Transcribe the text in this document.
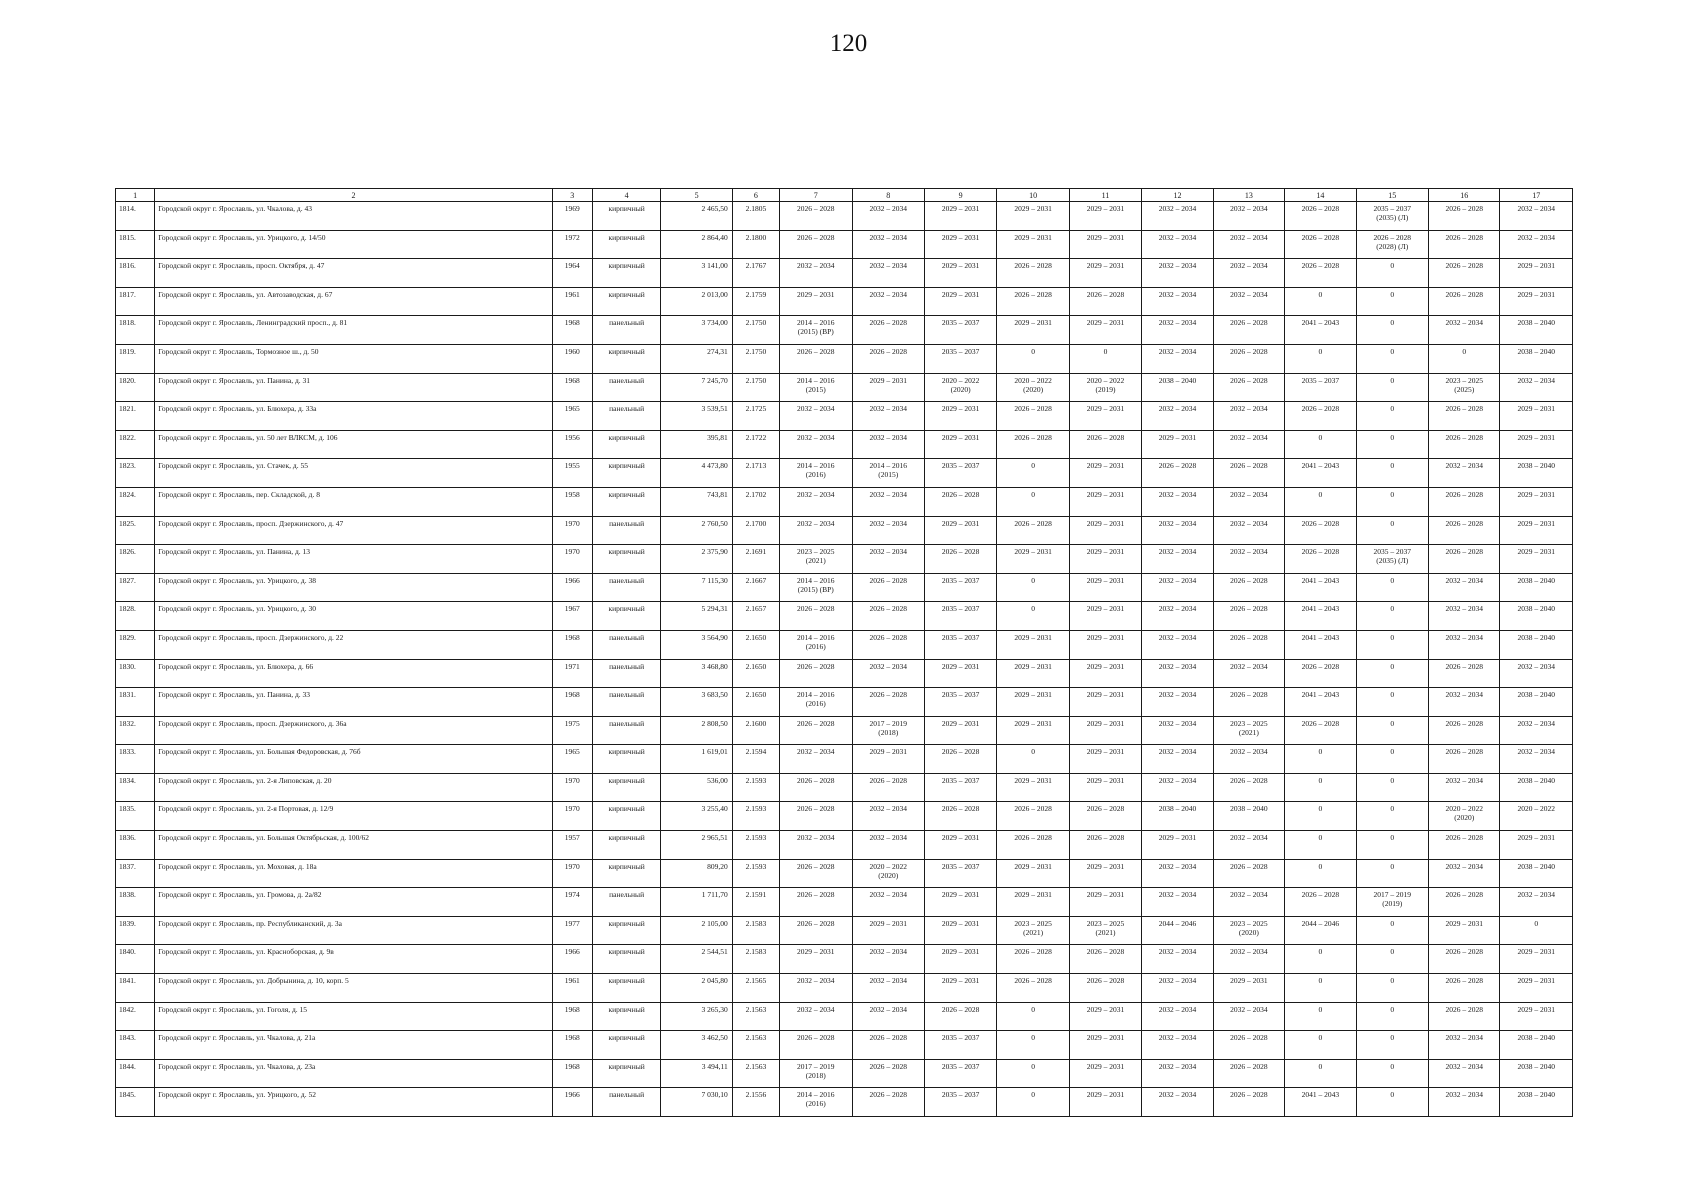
120
1	2	3	4	5	6	7	8	9	10	11	12	13	14	15	16	17
1814.	Городской округ г. Ярославль, ул. Чкалова, д. 43	1969	кирпичный	2 465,50	2.1805	2026 – 2028	2032 – 2034	2029 – 2031	2029 – 2031	2029 – 2031	2032 – 2034	2032 – 2034	2026 – 2028	2035 – 2037
(2035) (Л)	2026 – 2028	2032 – 2034
1815.	Городской округ г. Ярославль, ул. Урицкого, д. 14/50	1972	кирпичный	2 864,40	2.1800	2026 – 2028	2032 – 2034	2029 – 2031	2029 – 2031	2029 – 2031	2032 – 2034	2032 – 2034	2026 – 2028	2026 – 2028
(2028) (Л)	2026 – 2028	2032 – 2034
1816.	Городской округ г. Ярославль, просп. Октября, д. 47	1964	кирпичный	3 141,00	2.1767	2032 – 2034	2032 – 2034	2029 – 2031	2026 – 2028	2029 – 2031	2032 – 2034	2032 – 2034	2026 – 2028	0	2026 – 2028	2029 – 2031
1817.	Городской округ г. Ярославль, ул. Автозаводская, д. 67	1961	кирпичный	2 013,00	2.1759	2029 – 2031	2032 – 2034	2029 – 2031	2026 – 2028	2026 – 2028	2032 – 2034	2032 – 2034	0	0	2026 – 2028	2029 – 2031
1818.	Городской округ г. Ярославль, Ленинградский просп., д. 81	1968	панельный	3 734,00	2.1750	2014 – 2016
(2015) (ВР)	2026 – 2028	2035 – 2037	2029 – 2031	2029 – 2031	2032 – 2034	2026 – 2028	2041 – 2043	0	2032 – 2034	2038 – 2040
1819.	Городской округ г. Ярославль, Тормозное ш., д. 50	1960	кирпичный	274,31	2.1750	2026 – 2028	2026 – 2028	2035 – 2037	0	0	2032 – 2034	2026 – 2028	0	0	0	2038 – 2040
1820.	Городской округ г. Ярославль, ул. Панина, д. 31	1968	панельный	7 245,70	2.1750	2014 – 2016
(2015)	2029 – 2031	2020 – 2022
(2020)	2020 – 2022
(2020)	2020 – 2022
(2019)	2038 – 2040	2026 – 2028	2035 – 2037	0	2023 – 2025
(2025)	2032 – 2034
1821.	Городской округ г. Ярославль, ул. Блюхера, д. 33а	1965	панельный	3 539,51	2.1725	2032 – 2034	2032 – 2034	2029 – 2031	2026 – 2028	2029 – 2031	2032 – 2034	2032 – 2034	2026 – 2028	0	2026 – 2028	2029 – 2031
1822.	Городской округ г. Ярославль, ул. 50 лет ВЛКСМ, д. 106	1956	кирпичный	395,81	2.1722	2032 – 2034	2032 – 2034	2029 – 2031	2026 – 2028	2026 – 2028	2029 – 2031	2032 – 2034	0	0	2026 – 2028	2029 – 2031
1823.	Городской округ г. Ярославль, ул. Стачек, д. 55	1955	кирпичный	4 473,80	2.1713	2014 – 2016
(2016)	2014 – 2016
(2015)	2035 – 2037	0	2029 – 2031	2026 – 2028	2026 – 2028	2041 – 2043	0	2032 – 2034	2038 – 2040
1824.	Городской округ г. Ярославль, пер. Складской, д. 8	1958	кирпичный	743,81	2.1702	2032 – 2034	2032 – 2034	2026 – 2028	0	2029 – 2031	2032 – 2034	2032 – 2034	0	0	2026 – 2028	2029 – 2031
1825.	Городской округ г. Ярославль, просп. Дзержинского, д. 47	1970	панельный	2 760,50	2.1700	2032 – 2034	2032 – 2034	2029 – 2031	2026 – 2028	2029 – 2031	2032 – 2034	2032 – 2034	2026 – 2028	0	2026 – 2028	2029 – 2031
1826.	Городской округ г. Ярославль, ул. Панина, д. 13	1970	кирпичный	2 375,90	2.1691	2023 – 2025
(2021)	2032 – 2034	2026 – 2028	2029 – 2031	2029 – 2031	2032 – 2034	2032 – 2034	2026 – 2028	2035 – 2037
(2035) (Л)	2026 – 2028	2029 – 2031
1827.	Городской округ г. Ярославль, ул. Урицкого, д. 38	1966	панельный	7 115,30	2.1667	2014 – 2016
(2015) (ВР)	2026 – 2028	2035 – 2037	0	2029 – 2031	2032 – 2034	2026 – 2028	2041 – 2043	0	2032 – 2034	2038 – 2040
1828.	Городской округ г. Ярославль, ул. Урицкого, д. 30	1967	кирпичный	5 294,31	2.1657	2026 – 2028	2026 – 2028	2035 – 2037	0	2029 – 2031	2032 – 2034	2026 – 2028	2041 – 2043	0	2032 – 2034	2038 – 2040
1829.	Городской округ г. Ярославль, просп. Дзержинского, д. 22	1968	панельный	3 564,90	2.1650	2014 – 2016
(2016)	2026 – 2028	2035 – 2037	2029 – 2031	2029 – 2031	2032 – 2034	2026 – 2028	2041 – 2043	0	2032 – 2034	2038 – 2040
1830.	Городской округ г. Ярославль, ул. Блюхера, д. 66	1971	панельный	3 468,80	2.1650	2026 – 2028	2032 – 2034	2029 – 2031	2029 – 2031	2029 – 2031	2032 – 2034	2032 – 2034	2026 – 2028	0	2026 – 2028	2032 – 2034
1831.	Городской округ г. Ярославль, ул. Панина, д. 33	1968	панельный	3 683,50	2.1650	2014 – 2016
(2016)	2026 – 2028	2035 – 2037	2029 – 2031	2029 – 2031	2032 – 2034	2026 – 2028	2041 – 2043	0	2032 – 2034	2038 – 2040
1832.	Городской округ г. Ярославль, просп. Дзержинского, д. 36а	1975	панельный	2 808,50	2.1600	2026 – 2028	2017 – 2019
(2018)	2029 – 2031	2029 – 2031	2029 – 2031	2032 – 2034	2023 – 2025
(2021)	2026 – 2028	0	2026 – 2028	2032 – 2034
1833.	Городской округ г. Ярославль, ул. Большая Федоровская, д. 76б	1965	кирпичный	1 619,01	2.1594	2032 – 2034	2029 – 2031	2026 – 2028	0	2029 – 2031	2032 – 2034	2032 – 2034	0	0	2026 – 2028	2032 – 2034
1834.	Городской округ г. Ярославль, ул. 2-я Липовская, д. 20	1970	кирпичный	536,00	2.1593	2026 – 2028	2026 – 2028	2035 – 2037	2029 – 2031	2029 – 2031	2032 – 2034	2026 – 2028	0	0	2032 – 2034	2038 – 2040
1835.	Городской округ г. Ярославль, ул. 2-я Портовая, д. 12/9	1970	кирпичный	3 255,40	2.1593	2026 – 2028	2032 – 2034	2026 – 2028	2026 – 2028	2026 – 2028	2038 – 2040	2038 – 2040	0	0	2020 – 2022
(2020)	2020 – 2022
1836.	Городской округ г. Ярославль, ул. Большая Октябрьская, д. 100/62	1957	кирпичный	2 965,51	2.1593	2032 – 2034	2032 – 2034	2029 – 2031	2026 – 2028	2026 – 2028	2029 – 2031	2032 – 2034	0	0	2026 – 2028	2029 – 2031
1837.	Городской округ г. Ярославль, ул. Моховая, д. 18а	1970	кирпичный	809,20	2.1593	2026 – 2028	2020 – 2022
(2020)	2035 – 2037	2029 – 2031	2029 – 2031	2032 – 2034	2026 – 2028	0	0	2032 – 2034	2038 – 2040
1838.	Городской округ г. Ярославль, ул. Громова, д. 2а/82	1974	панельный	1 711,70	2.1591	2026 – 2028	2032 – 2034	2029 – 2031	2029 – 2031	2029 – 2031	2032 – 2034	2032 – 2034	2026 – 2028	2017 – 2019
(2019)	2026 – 2028	2032 – 2034
1839.	Городской округ г. Ярославль, пр. Республиканский, д. 3а	1977	кирпичный	2 105,00	2.1583	2026 – 2028	2029 – 2031	2029 – 2031	2023 – 2025
(2021)	2023 – 2025
(2021)	2044 – 2046	2023 – 2025
(2020)	2044 – 2046	0	2029 – 2031	0
1840.	Городской округ г. Ярославль, ул. Красноборская, д. 9в	1966	кирпичный	2 544,51	2.1583	2029 – 2031	2032 – 2034	2029 – 2031	2026 – 2028	2026 – 2028	2032 – 2034	2032 – 2034	0	0	2026 – 2028	2029 – 2031
1841.	Городской округ г. Ярославль, ул. Добрынина, д. 10, корп. 5	1961	кирпичный	2 045,80	2.1565	2032 – 2034	2032 – 2034	2029 – 2031	2026 – 2028	2026 – 2028	2032 – 2034	2029 – 2031	0	0	2026 – 2028	2029 – 2031
1842.	Городской округ г. Ярославль, ул. Гоголя, д. 15	1968	кирпичный	3 265,30	2.1563	2032 – 2034	2032 – 2034	2026 – 2028	0	2029 – 2031	2032 – 2034	2032 – 2034	0	0	2026 – 2028	2029 – 2031
1843.	Городской округ г. Ярославль, ул. Чкалова, д. 21а	1968	кирпичный	3 462,50	2.1563	2026 – 2028	2026 – 2028	2035 – 2037	0	2029 – 2031	2032 – 2034	2026 – 2028	0	0	2032 – 2034	2038 – 2040
1844.	Городской округ г. Ярославль, ул. Чкалова, д. 23а	1968	кирпичный	3 494,11	2.1563	2017 – 2019
(2018)	2026 – 2028	2035 – 2037	0	2029 – 2031	2032 – 2034	2026 – 2028	0	0	2032 – 2034	2038 – 2040
1845.	Городской округ г. Ярославль, ул. Урицкого, д. 52	1966	панельный	7 030,10	2.1556	2014 – 2016
(2016)	2026 – 2028	2035 – 2037	0	2029 – 2031	2032 – 2034	2026 – 2028	2041 – 2043	0	2032 – 2034	2038 – 2040
